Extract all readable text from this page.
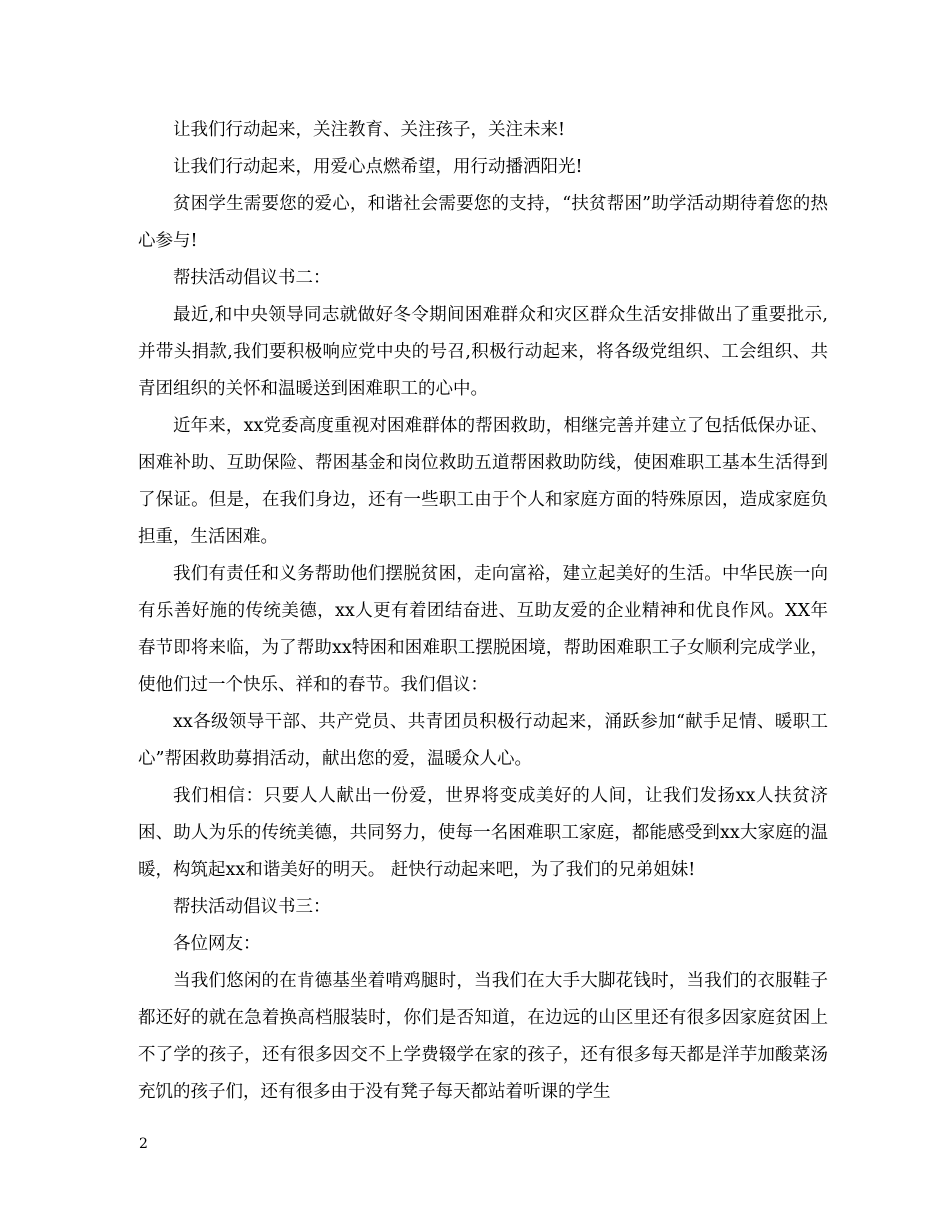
让我们行动起来，关注教育、关注孩子，关注未来!

让我们行动起来，用爱心点燃希望，用行动播洒阳光!

贫困学生需要您的爱心，和谐社会需要您的支持，“扶贫帮困”助学活动期待着您的热心参与!

帮扶活动倡议书二：

最近,和中央领导同志就做好冬令期间困难群众和灾区群众生活安排做出了重要批示,并带头捐款,我们要积极响应党中央的号召,积极行动起来，将各级党组织、工会组织、共青团组织的关怀和温暖送到困难职工的心中。

近年来，xx党委高度重视对困难群体的帮困救助，相继完善并建立了包括低保办证、困难补助、互助保险、帮困基金和岗位救助五道帮困救助防线，使困难职工基本生活得到了保证。但是，在我们身边，还有一些职工由于个人和家庭方面的特殊原因，造成家庭负担重，生活困难。

我们有责任和义务帮助他们摆脱贫困，走向富裕，建立起美好的生活。中华民族一向有乐善好施的传统美德，xx人更有着团结奋进、互助友爱的企业精神和优良作风。XX年春节即将来临，为了帮助xx特困和困难职工摆脱困境，帮助困难职工子女顺利完成学业，使他们过一个快乐、祥和的春节。我们倡议：

xx各级领导干部、共产党员、共青团员积极行动起来，涌跃参加“献手足情、暖职工心”帮困救助募捐活动，献出您的爱，温暖众人心。

我们相信：只要人人献出一份爱，世界将变成美好的人间，让我们发扬xx人扶贫济困、助人为乐的传统美德，共同努力，使每一名困难职工家庭，都能感受到xx大家庭的温暖，构筑起xx和谐美好的明天。 赶快行动起来吧，为了我们的兄弟姐妹!

帮扶活动倡议书三：

各位网友：

当我们悠闲的在肯德基坐着啃鸡腿时，当我们在大手大脚花钱时，当我们的衣服鞋子都还好的就在急着换高档服装时，你们是否知道，在边远的山区里还有很多因家庭贫困上不了学的孩子，还有很多因交不上学费辍学在家的孩子，还有很多每天都是洋芋加酸菜汤充饥的孩子们，还有很多由于没有凳子每天都站着听课的学生

2
